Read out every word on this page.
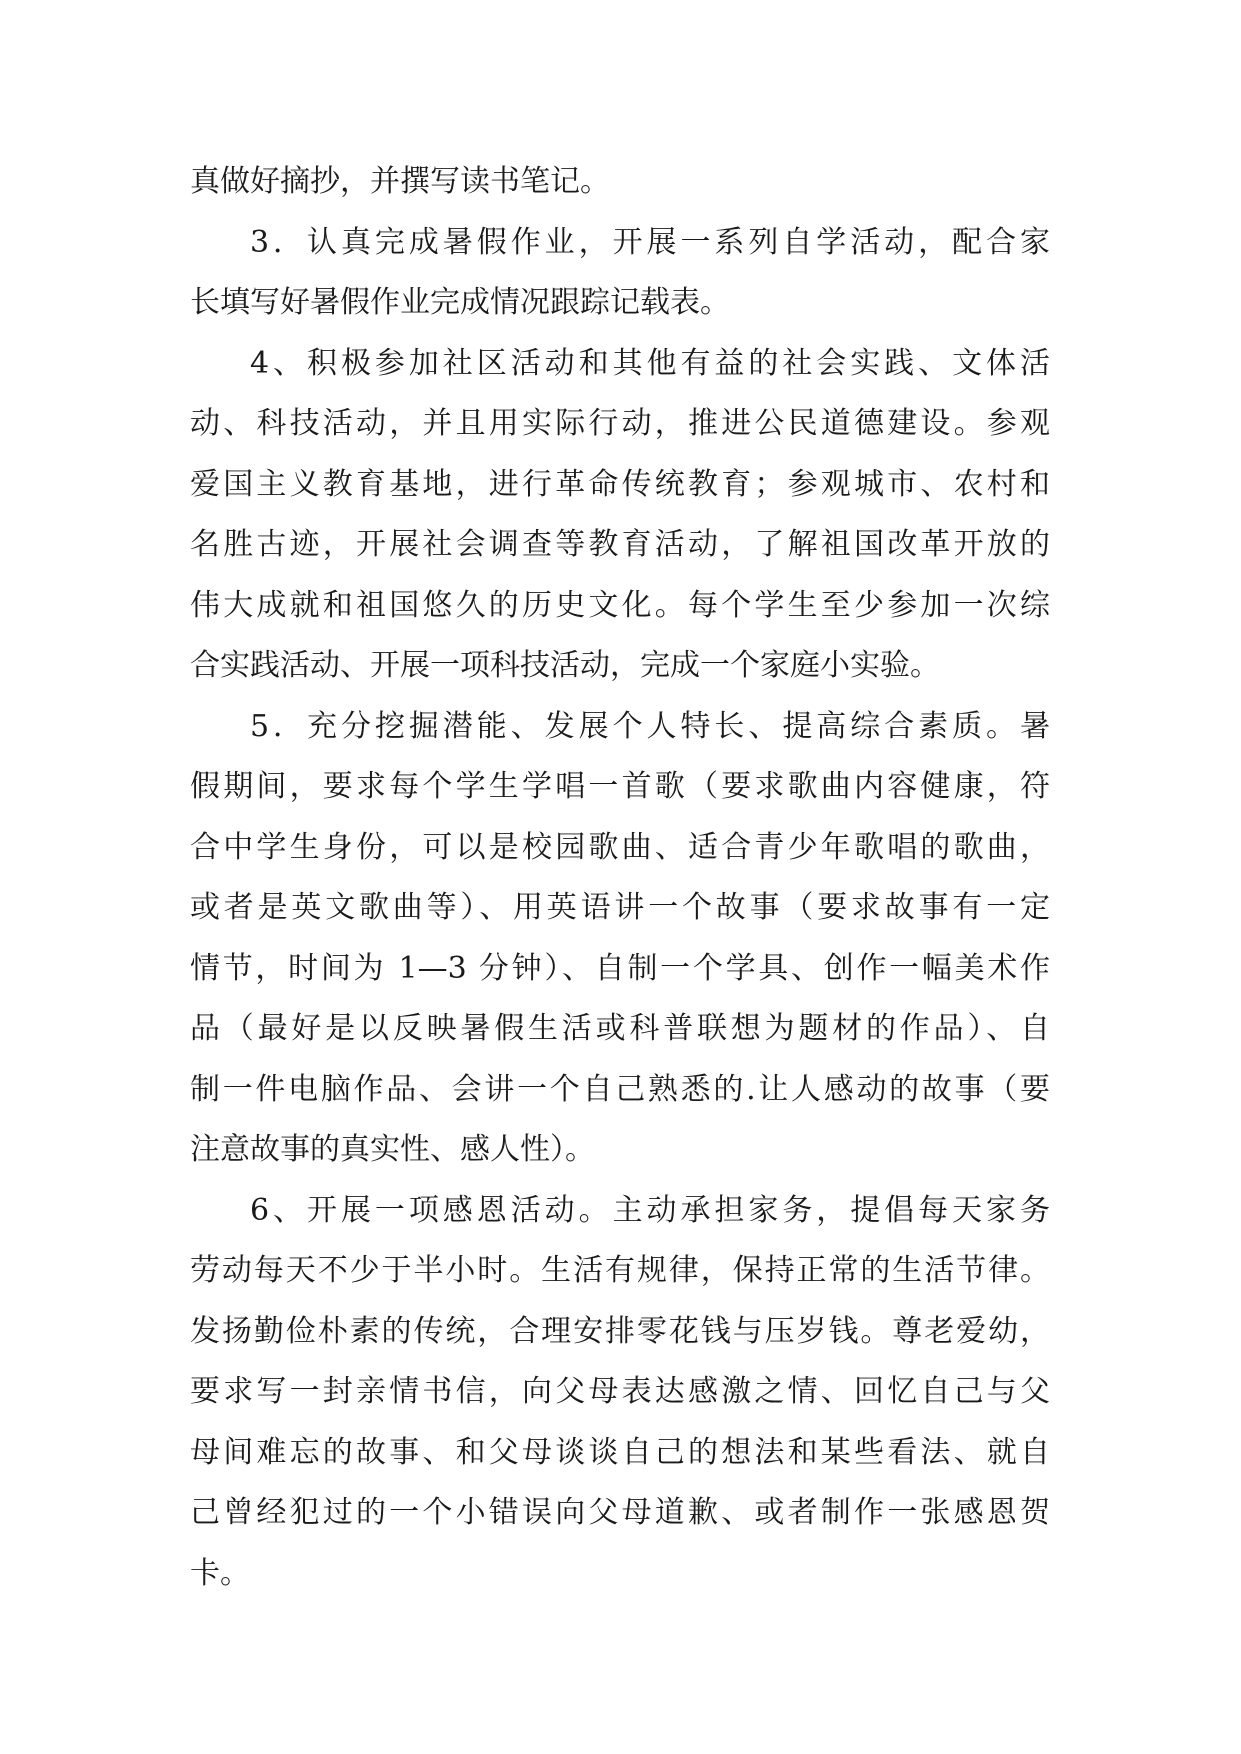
真做好摘抄，并撰写读书笔记。
3．认真完成暑假作业，开展一系列自学活动，配合家
长填写好暑假作业完成情况跟踪记载表。
4、积极参加社区活动和其他有益的社会实践、文体活
动、科技活动，并且用实际行动，推进公民道德建设。参观
爱国主义教育基地，进行革命传统教育；参观城市、农村和
名胜古迹，开展社会调查等教育活动，了解祖国改革开放的
伟大成就和祖国悠久的历史文化。每个学生至少参加一次综
合实践活动、开展一项科技活动，完成一个家庭小实验。
5．充分挖掘潜能、发展个人特长、提高综合素质。暑
假期间，要求每个学生学唱一首歌（要求歌曲内容健康，符
合中学生身份，可以是校园歌曲、适合青少年歌唱的歌曲，
或者是英文歌曲等）、用英语讲一个故事（要求故事有一定
情节，时间为 1—3 分钟）、自制一个学具、创作一幅美术作
品（最好是以反映暑假生活或科普联想为题材的作品）、自
制一件电脑作品、会讲一个自己熟悉的.让人感动的故事（要
注意故事的真实性、感人性）。
6、开展一项感恩活动。主动承担家务，提倡每天家务
劳动每天不少于半小时。生活有规律，保持正常的生活节律。
发扬勤俭朴素的传统，合理安排零花钱与压岁钱。尊老爱幼，
要求写一封亲情书信，向父母表达感激之情、回忆自己与父
母间难忘的故事、和父母谈谈自己的想法和某些看法、就自
己曾经犯过的一个小错误向父母道歉、或者制作一张感恩贺
卡。
